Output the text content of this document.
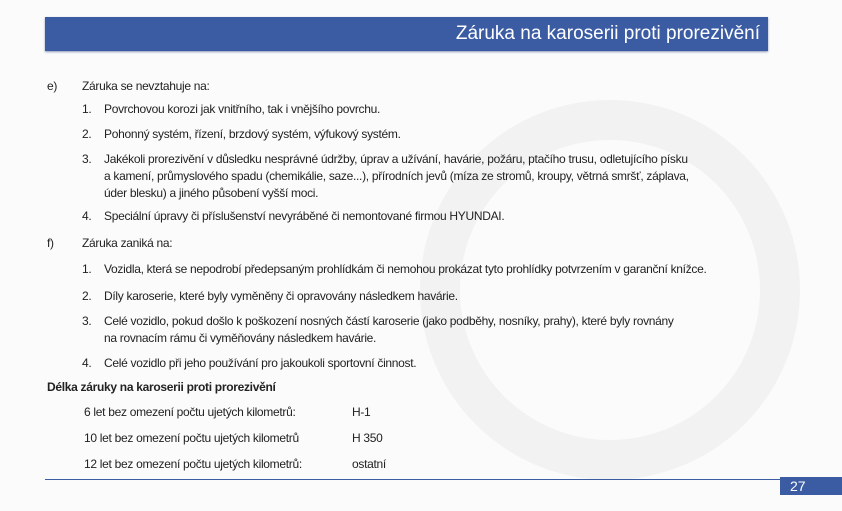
Záruka na karoserii proti prorezivění
e) Záruka se nevztahuje na:
1. Povrchovou korozi jak vnitřního, tak i vnějšího povrchu.
2. Pohonný systém, řízení, brzdový systém, výfukový systém.
3. Jakékoli prorezivění v důsledku nesprávné údržby, úprav a užívání, havárie, požáru, ptačího trusu, odletujícího písku
a kamení, průmyslového spadu (chemikálie, saze...), přírodních jevů (míza ze stromů, kroupy, větrná smršť, záplava,
úder blesku) a jiného působení vyšší moci.
4. Speciální úpravy či příslušenství nevyráběné či nemontované firmou HYUNDAI.
f) Záruka zaniká na:
1. Vozidla, která se nepodrobí předepsaným prohlídkám či nemohou prokázat tyto prohlídky potvrzením v garanční knížce.
2. Díly karoserie, které byly vyměněny či opravovány následkem havárie.
3. Celé vozidlo, pokud došlo k poškození nosných částí karoserie (jako podběhy, nosníky, prahy), které byly rovnány
na rovnacím rámu či vyměňovány následkem havárie.
4. Celé vozidlo při jeho používání pro jakoukoli sportovní činnost.
Délka záruky na karoserii proti prorezivění
6 let bez omezení počtu ujetých kilometrů:	H-1
10 let bez omezení počtu ujetých kilometrů	H 350
12 let bez omezení počtu ujetých kilometrů:	ostatní
27
